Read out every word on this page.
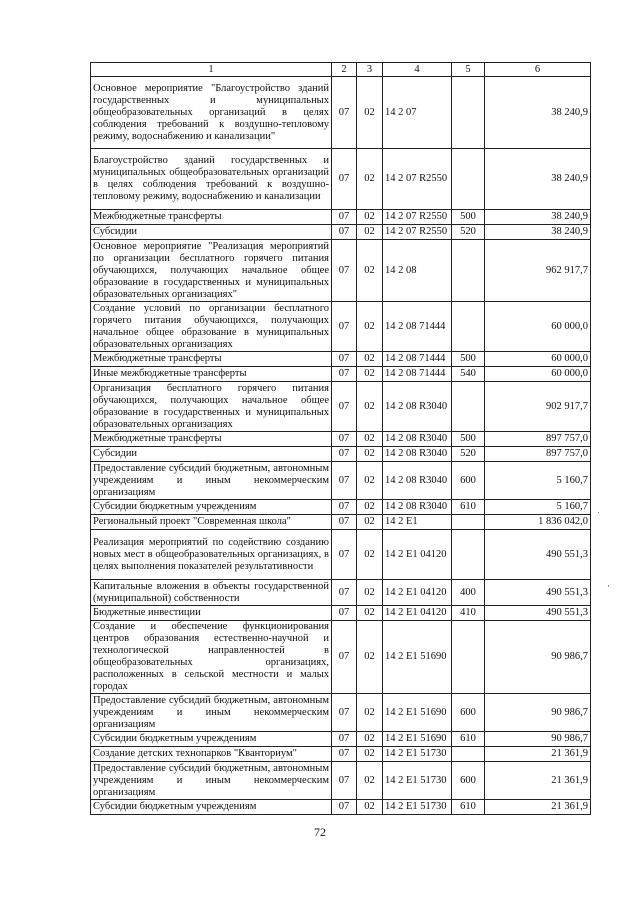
1	2	3	4	5	6
Основное мероприятие "Благоустройство зданий государственных и муниципальных общеобразовательных организаций в целях соблюдения требований к воздушно-тепловому режиму, водоснабжению и канализации"	07	02	14 2 07		38 240,9
Благоустройство зданий государственных и муниципальных общеобразовательных организаций в целях соблюдения требований к воздушно-тепловому режиму, водоснабжению и канализации	07	02	14 2 07 R2550		38 240,9
Межбюджетные трансферты	07	02	14 2 07 R2550	500	38 240,9
Субсидии	07	02	14 2 07 R2550	520	38 240,9
Основное мероприятие "Реализация мероприятий по организации бесплатного горячего питания обучающихся, получающих начальное общее образование в государственных и муниципальных образовательных организациях"	07	02	14 2 08		962 917,7
Создание условий по организации бесплатного горячего питания обучающихся, получающих начальное общее образование в муниципальных образовательных организациях	07	02	14 2 08 71444		60 000,0
Межбюджетные трансферты	07	02	14 2 08 71444	500	60 000,0
Иные межбюджетные трансферты	07	02	14 2 08 71444	540	60 000,0
Организация бесплатного горячего питания обучающихся, получающих начальное общее образование в государственных и муниципальных образовательных организациях	07	02	14 2 08 R3040		902 917,7
Межбюджетные трансферты	07	02	14 2 08 R3040	500	897 757,0
Субсидии	07	02	14 2 08 R3040	520	897 757,0
Предоставление субсидий бюджетным, автономным учреждениям и иным некоммерческим организациям	07	02	14 2 08 R3040	600	5 160,7
Субсидии бюджетным учреждениям	07	02	14 2 08 R3040	610	5 160,7
Региональный проект "Современная школа"	07	02	14 2 E1		1 836 042,0
Реализация мероприятий по содействию созданию новых мест в общеобразовательных организациях, в целях выполнения показателей результативности	07	02	14 2 E1 04120		490 551,3
Капитальные вложения в объекты государственной (муниципальной) собственности	07	02	14 2 E1 04120	400	490 551,3
Бюджетные инвестиции	07	02	14 2 E1 04120	410	490 551,3
Создание и обеспечение функционирования центров образования естественно-научной и технологической направленностей в общеобразовательных организациях, расположенных в сельской местности и малых городах	07	02	14 2 E1 51690		90 986,7
Предоставление субсидий бюджетным, автономным учреждениям и иным некоммерческим организациям	07	02	14 2 E1 51690	600	90 986,7
Субсидии бюджетным учреждениям	07	02	14 2 E1 51690	610	90 986,7
Создание детских технопарков "Кванториум"	07	02	14 2 E1 51730		21 361,9
Предоставление субсидий бюджетным, автономным учреждениям и иным некоммерческим организациям	07	02	14 2 E1 51730	600	21 361,9
Субсидии бюджетным учреждениям	07	02	14 2 E1 51730	610	21 361,9
72
